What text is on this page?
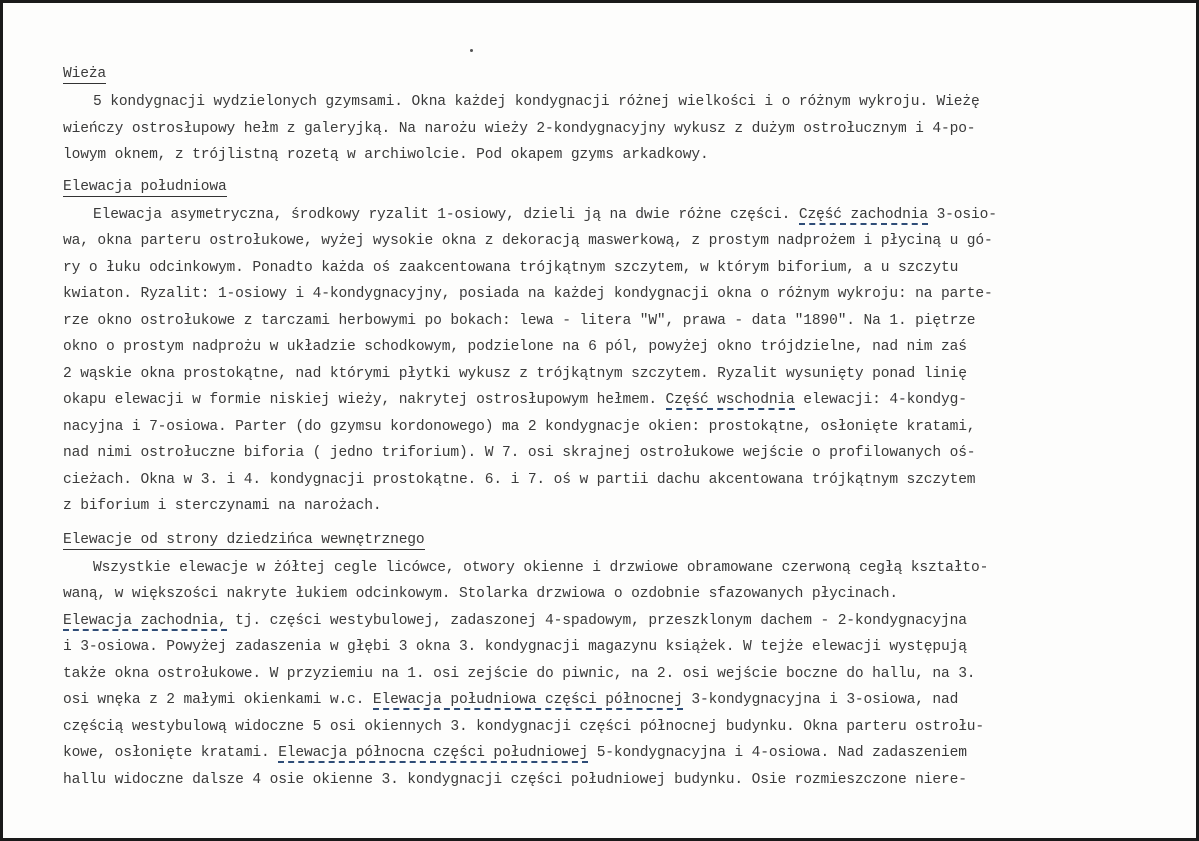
Wieża
5 kondygnacji wydzielonych gzymsami. Okna każdej kondygnacji różnej wielkości i o różnym wykroju. Wieżę
wieńczy ostrosłupowy hełm z galeryjką. Na narożu wieży 2-kondygnacyjny wykusz z dużym ostrołucznym i 4-po-
lowym oknem, z trójlistną rozetą w archiwolcie. Pod okapem gzyms arkadkowy.
Elewacja południowa
Elewacja asymetryczna, środkowy ryzalit 1-osiowy, dzieli ją na dwie różne części. Część zachodnia 3-osio-
wa, okna parteru ostrołukowe, wyżej wysokie okna z dekoracją maswerkową, z prostym nadprożem i płyciną u gó-
ry o łuku odcinkowym. Ponadto każda oś zaakcentowana trójkątnym szczytem, w którym biforium, a u szczytu
kwiaton. Ryzalit: 1-osiowy i 4-kondygnacyjny, posiada na każdej kondygnacji okna o różnym wykroju: na parte-
rze okno ostrołukowe z tarczami herbowymi po bokach: lewa - litera "W", prawa - data "1890". Na 1. piętrze
okno o prostym nadprożu w układzie schodkowym, podzielone na 6 pól, powyżej okno trójdzielne, nad nim zaś
2 wąskie okna prostokątne, nad którymi płytki wykusz z trójkątnym szczytem. Ryzalit wysunięty ponad linię
okapu elewacji w formie niskiej wieży, nakrytej ostrosłupowym hełmem. Część wschodnia elewacji: 4-kondyg-
nacyjna i 7-osiowa. Parter (do gzymsu kordonowego) ma 2 kondygnacje okien: prostokątne, osłonięte kratami,
nad nimi ostrołuczne biforia ( jedno triforium). W 7. osi skrajnej ostrołukowe wejście o profilowanych oś-
cieżach. Okna w 3. i 4. kondygnacji prostokątne. 6. i 7. oś w partii dachu akcentowana trójkątnym szczytem
z biforium i sterczynami na narożach.
Elewacje od strony dziedzińca wewnętrznego
Wszystkie elewacje w żółtej cegle licówce, otwory okienne i drzwiowe obramowane czerwoną cegłą kształto-
waną, w większości nakryte łukiem odcinkowym. Stolarka drzwiowa o ozdobnie sfazowanych płycinach.
Elewacja zachodnia, tj. części westybulowej, zadaszonej 4-spadowym, przeszklonym dachem - 2-kondygnacyjna
i 3-osiowa. Powyżej zadaszenia w głębi 3 okna 3. kondygnacji magazynu książek. W tejże elewacji występują
także okna ostrołukowe. W przyziemiu na 1. osi zejście do piwnic, na 2. osi wejście boczne do hallu, na 3.
osi wnęka z 2 małymi okienkami w.c. Elewacja południowa części północnej 3-kondygnacyjna i 3-osiowa, nad
częścią westybulową widoczne 5 osi okiennych 3. kondygnacji części północnej budynku. Okna parteru ostrołu-
kowe, osłonięte kratami. Elewacja północna części południowej 5-kondygnacyjna i 4-osiowa. Nad zadaszeniem
hallu widoczne dalsze 4 osie okienne 3. kondygnacji części południowej budynku. Osie rozmieszczone niere-
